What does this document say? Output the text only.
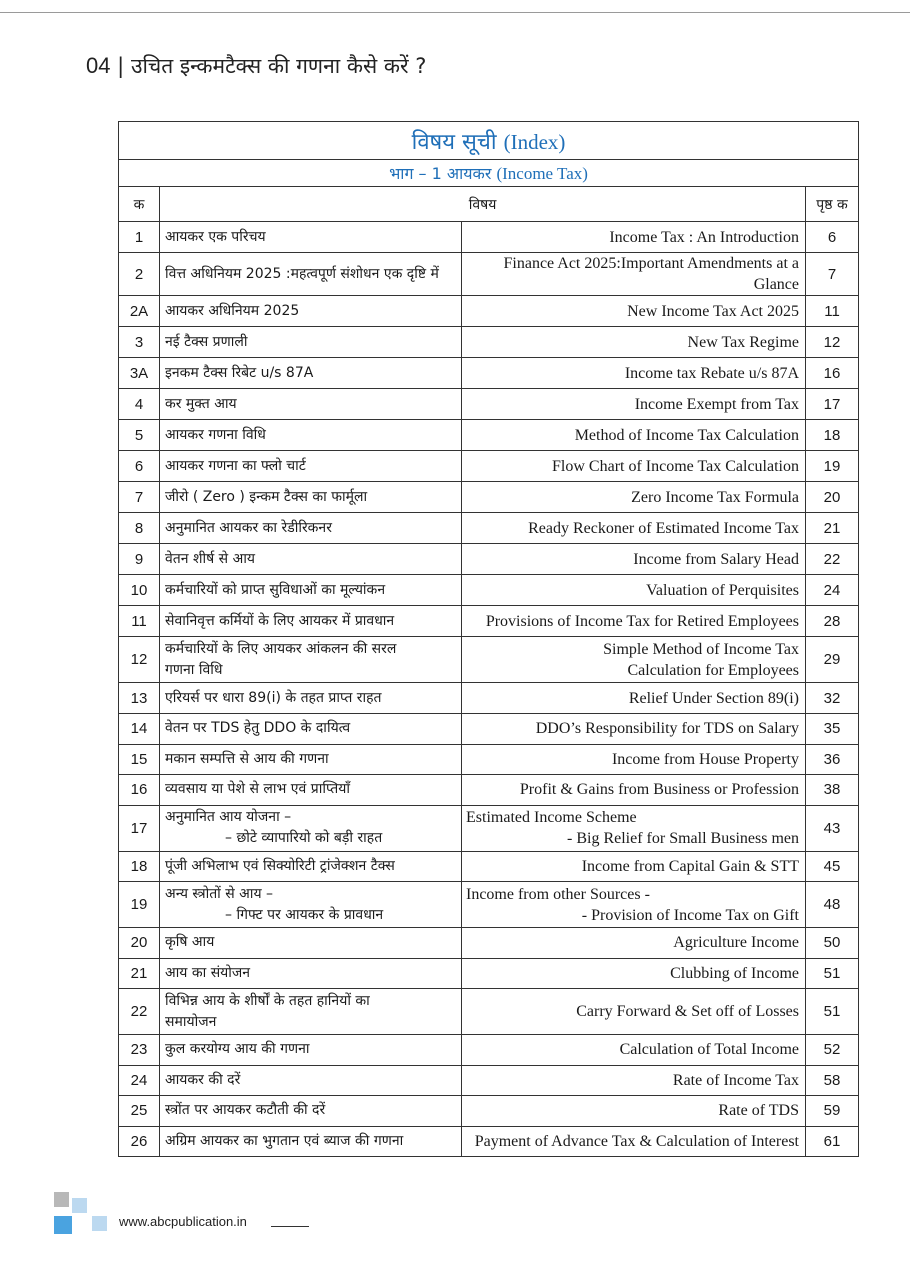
04 | उचित इन्कमटैक्स की गणना कैसे करें ?
विषय सूची (Index)			
भाग – 1 आयकर (Income Tax)			
क	विषय		पृष्ठ क
1	आयकर एक परिचय	Income Tax : An Introduction	6
2	वित्त अधिनियम 2025 :महत्वपूर्ण संशोधन एक दृष्टि में	Finance Act 2025:Important Amendments at a Glance	7
2A	आयकर अधिनियम 2025	New Income Tax Act 2025	11
3	नई टैक्स प्रणाली	New Tax Regime	12
3A	इनकम टैक्स रिबेट u/s 87A	Income tax Rebate u/s 87A	16
4	कर मुक्त आय	Income Exempt from Tax	17
5	आयकर गणना विधि	Method of Income Tax Calculation	18
6	आयकर गणना का फ्लो चार्ट	Flow Chart of Income Tax Calculation	19
7	जीरो ( Zero ) इन्कम टैक्स का फार्मूला	Zero Income Tax Formula	20
8	अनुमानित आयकर का रेडीरिकनर	Ready Reckoner of Estimated Income Tax	21
9	वेतन शीर्ष से आय	Income from Salary Head	22
10	कर्मचारियों को प्राप्त सुविधाओं का मूल्यांकन	Valuation of Perquisites	24
11	सेवानिवृत्त कर्मियों के लिए आयकर में प्रावधान	Provisions of Income Tax for Retired Employees	28
12	कर्मचारियों के लिए आयकर आंकलन की सरल
गणना विधि	Simple Method of Income Tax
Calculation for Employees	29
13	एरियर्स पर धारा 89(i) के तहत प्राप्त राहत	Relief Under Section 89(i)	32
14	वेतन पर TDS हेतु DDO के दायित्व	DDO’s Responsibility for TDS on Salary	35
15	मकान सम्पत्ति से आय की गणना	Income from House Property	36
16	व्यवसाय या पेशे से लाभ एवं प्राप्तियॉं	Profit & Gains from Business or Profession	38
17	अनुमानित आय योजना –
– छोटे व्यापारियो को बड़ी राहत	Estimated Income Scheme
- Big Relief for Small Business men	43
18	पूंजी अभिलाभ एवं सिक्योरिटी ट्रांजेक्शन टैक्स	Income from Capital Gain & STT	45
19	अन्य स्त्रोतों से आय –
– गिफ्ट पर आयकर के प्रावधान	Income from other Sources -
- Provision of Income Tax on Gift	48
20	कृषि आय	Agriculture Income	50
21	आय का संयोजन	Clubbing of Income	51
22	विभिन्न आय के शीर्षों के तहत हानियों का
समायोजन	Carry Forward & Set off of Losses	51
23	कुल करयोग्य आय की गणना	Calculation of Total Income	52
24	आयकर की दरें	Rate of Income Tax	58
25	स्त्रोंत पर आयकर कटौती की दरें	Rate of TDS	59
26	अग्रिम आयकर का भुगतान एवं ब्याज की गणना	Payment of Advance Tax & Calculation of Interest	61
www.abcpublication.in
